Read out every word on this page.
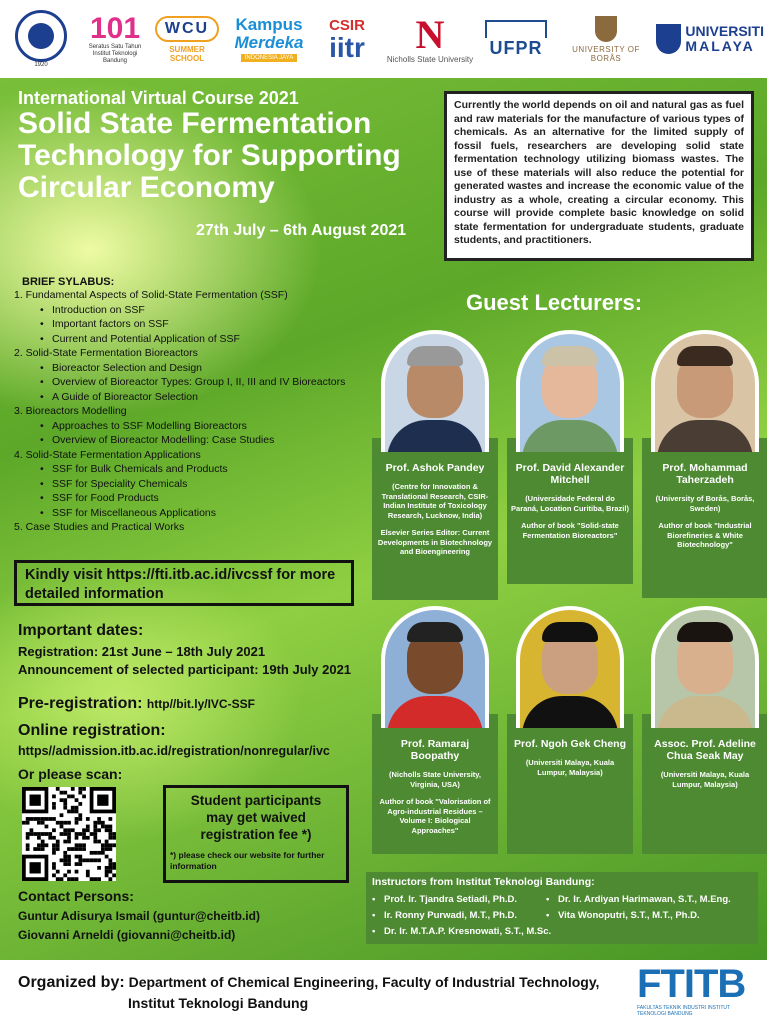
1920
101
Seratus Satu Tahun Institut Teknologi Bandung
WCU
SUMMER SCHOOL
Kampus
Merdeka
INDONESIA JAYA
CSIR
iitr N
Nicholls State University
UFPR	UNIVERSITY OF BORÅS
UNIVERSITI
MALAYA
International Virtual Course 2021
Solid State Fermentation Technology for Supporting Circular Economy
27th July – 6th August 2021
Currently the world depends on oil and natural gas as fuel and raw materials for the manufacture of various types of chemicals. As an alternative for the limited supply of fossil fuels, researchers are developing solid state fermentation technology utilizing biomass wastes. The use of these materials will also reduce the potential for generated wastes and increase the economic value of the industry as a whole, creating a circular economy. This course will provide complete basic knowledge on solid state fermentation for undergraduate students, graduate students, and practitioners.
BRIEF SYLABUS:
1. Fundamental Aspects of Solid-State Fermentation (SSF)
• Introduction on SSF
• Important factors on SSF
• Current and Potential Application of SSF
2. Solid-State Fermentation Bioreactors
• Bioreactor Selection and Design
• Overview of Bioreactor Types: Group I, II, III and IV Bioreactors
• A Guide of Bioreactor Selection
3. Bioreactors Modelling
• Approaches to SSF Modelling Bioreactors
• Overview of Bioreactor Modelling: Case Studies
4. Solid-State Fermentation Applications
• SSF for Bulk Chemicals and Products
• SSF for Speciality Chemicals
• SSF for Food Products
• SSF for Miscellaneous Applications
5. Case Studies and Practical Works
Kindly visit https://fti.itb.ac.id/ivcssf for more detailed information
Important dates:
Registration: 21st June – 18th July 2021
Announcement of selected participant: 19th July 2021
Pre-registration: http//bit.ly/IVC-SSF
Online registration:
https//admission.itb.ac.id/registration/nonregular/ivc
Or please scan:
Student participants
may get waived
registration fee *)
*) please check our website for further information
Contact Persons:
Guntur Adisurya Ismail (guntur@cheitb.id)
Giovanni Arneldi (giovanni@cheitb.id)
Guest Lecturers:
Prof. Ashok Pandey
(Centre for Innovation & Translational Research, CSIR-Indian Institute of Toxicology Research, Lucknow, India)
Elsevier Series Editor: Current Developments in Biotechnology and Bioengineering
Prof. David Alexander Mitchell
(Universidade Federal do Paraná, Location Curitiba, Brazil)
Author of book "Solid-state Fermentation Bioreactors"
Prof. Mohammad Taherzadeh
(University of Borås, Borås, Sweden)
Author of book "Industrial Biorefineries & White Biotechnology"
Prof. Ramaraj Boopathy
(Nicholls State University, Virginia, USA)
Author of book "Valorisation of Agro-industrial Residues – Volume I: Biological Approaches"
Prof. Ngoh Gek Cheng
(Universiti Malaya, Kuala Lumpur, Malaysia)
Assoc. Prof. Adeline Chua Seak May
(Universiti Malaya, Kuala Lumpur, Malaysia)
Instructors from Institut Teknologi Bandung:
• Prof. Ir. Tjandra Setiadi, Ph.D.	• Dr. Ir. Ardiyan Harimawan, S.T., M.Eng.
• Ir. Ronny Purwadi, M.T., Ph.D.	• Vita Wonoputri, S.T., M.T., Ph.D.
• Dr. Ir. M.T.A.P. Kresnowati, S.T., M.Sc.
Organized by: Department of Chemical Engineering, Faculty of Industrial Technology,
Institut Teknologi Bandung	FTITB
FAKULTAS TEKNIK INDUSTRI INSTITUT TEKNOLOGI BANDUNG
